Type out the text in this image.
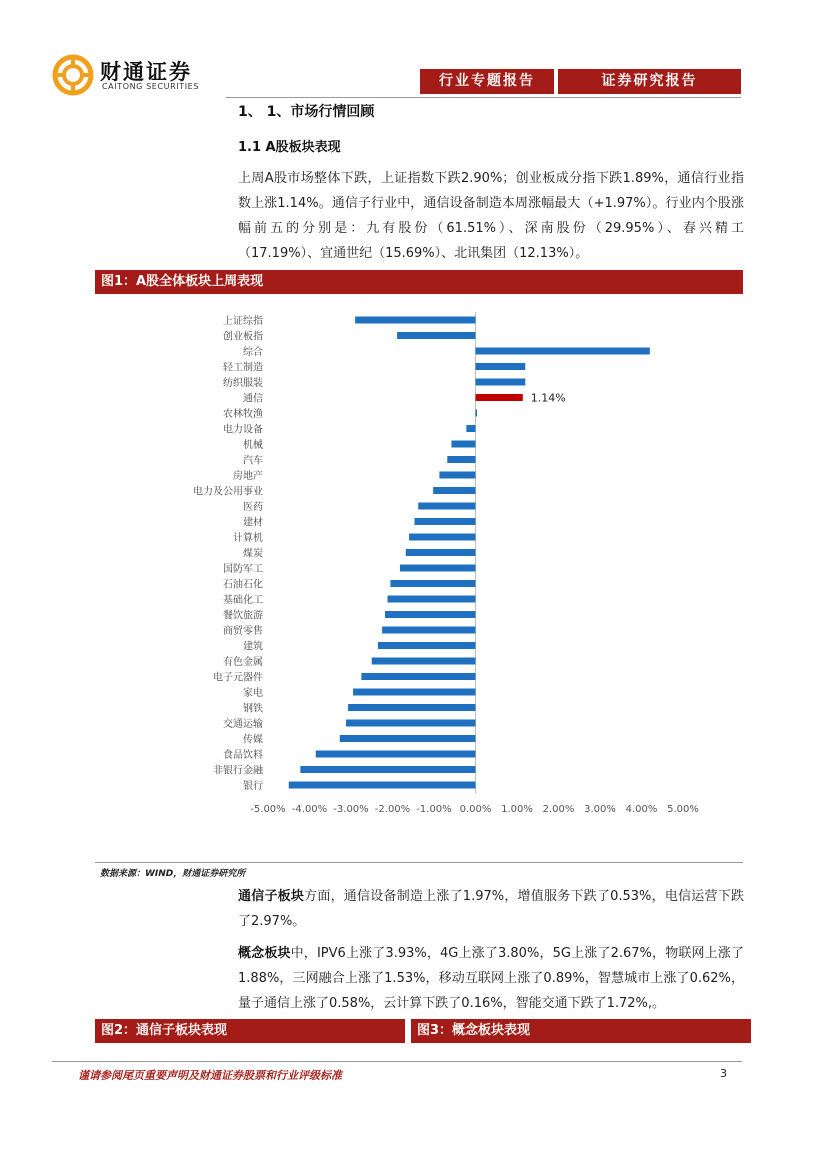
财通证券
CAITONG SECURITIES	行业专题报告	证券研究报告
1、 1、市场行情回顾
1.1 A股板块表现
上周A股市场整体下跌，上证指数下跌2.90%；创业板成分指下跌1.89%，通信行业指数上涨1.14%。通信子行业中，通信设备制造本周涨幅最大（+1.97%）。行业内个股涨幅前五的分别是：九有股份（61.51%）、深南股份（29.95%）、春兴精工（17.19%）、宜通世纪（15.69%）、北讯集团（12.13%）。
图1：A股全体板块上周表现
上证综指
创业板指
综合
轻工制造
纺织服装
通信	1.14%
农林牧渔
电力设备
机械
汽车
房地产
电力及公用事业
医药
建材
计算机
煤炭
国防军工
石油石化
基础化工
餐饮旅游
商贸零售
建筑
有色金属
电子元器件
家电
钢铁
交通运输
传媒
食品饮料
非银行金融
银行
-5.00% -4.00% -3.00% -2.00% -1.00% 0.00% 1.00% 2.00% 3.00% 4.00% 5.00%
数据来源：WIND，财通证券研究所
通信子板块方面，通信设备制造上涨了1.97%，增值服务下跌了0.53%，电信运营下跌了2.97%。
概念板块中，IPV6上涨了3.93%，4G上涨了3.80%，5G上涨了2.67%，物联网上涨了1.88%，三网融合上涨了1.53%，移动互联网上涨了0.89%，智慧城市上涨了0.62%，量子通信上涨了0.58%，云计算下跌了0.16%，智能交通下跌了1.72%,。
图2：通信子板块表现	图3：概念板块表现
谨请参阅尾页重要声明及财通证券股票和行业评级标准	3
